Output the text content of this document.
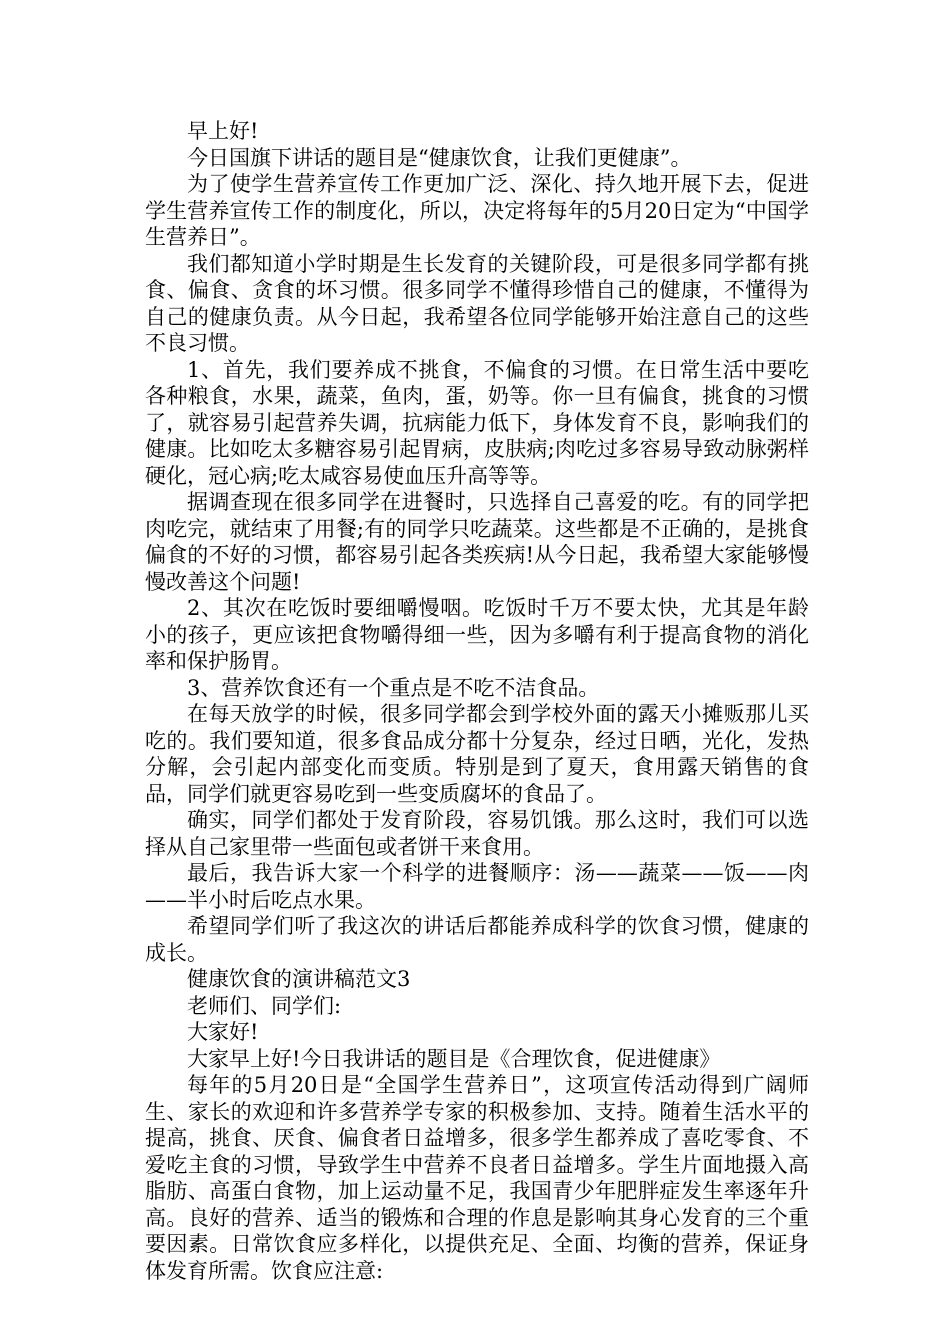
早上好!

今日国旗下讲话的题目是“健康饮食，让我们更健康”。

为了使学生营养宣传工作更加广泛、深化、持久地开展下去，促进学生营养宣传工作的制度化，所以，决定将每年的5月20日定为“中国学生营养日”。

我们都知道小学时期是生长发育的关键阶段，可是很多同学都有挑食、偏食、贪食的坏习惯。很多同学不懂得珍惜自己的健康，不懂得为自己的健康负责。从今日起，我希望各位同学能够开始注意自己的这些不良习惯。

1、首先，我们要养成不挑食，不偏食的习惯。在日常生活中要吃各种粮食，水果，蔬菜，鱼肉，蛋，奶等。你一旦有偏食，挑食的习惯了，就容易引起营养失调，抗病能力低下，身体发育不良，影响我们的健康。比如吃太多糖容易引起胃病，皮肤病;肉吃过多容易导致动脉粥样硬化，冠心病;吃太咸容易使血压升高等等。

据调查现在很多同学在进餐时，只选择自己喜爱的吃。有的同学把肉吃完，就结束了用餐;有的同学只吃蔬菜。这些都是不正确的，是挑食偏食的不好的习惯，都容易引起各类疾病!从今日起，我希望大家能够慢慢改善这个问题!

2、其次在吃饭时要细嚼慢咽。吃饭时千万不要太快，尤其是年龄小的孩子，更应该把食物嚼得细一些，因为多嚼有利于提高食物的消化率和保护肠胃。

3、营养饮食还有一个重点是不吃不洁食品。

在每天放学的时候，很多同学都会到学校外面的露天小摊贩那儿买吃的。我们要知道，很多食品成分都十分复杂，经过日晒，光化，发热分解，会引起内部变化而变质。特别是到了夏天，食用露天销售的食品，同学们就更容易吃到一些变质腐坏的食品了。

确实，同学们都处于发育阶段，容易饥饿。那么这时，我们可以选择从自己家里带一些面包或者饼干来食用。

最后，我告诉大家一个科学的进餐顺序：汤——蔬菜——饭——肉——半小时后吃点水果。

希望同学们听了我这次的讲话后都能养成科学的饮食习惯，健康的成长。

健康饮食的演讲稿范文3

老师们、同学们:

大家好!

大家早上好!今日我讲话的题目是《合理饮食，促进健康》

每年的5月20日是“全国学生营养日”，这项宣传活动得到广阔师生、家长的欢迎和许多营养学专家的积极参加、支持。随着生活水平的提高，挑食、厌食、偏食者日益增多，很多学生都养成了喜吃零食、不爱吃主食的习惯，导致学生中营养不良者日益增多。学生片面地摄入高脂肪、高蛋白食物，加上运动量不足，我国青少年肥胖症发生率逐年升高。良好的营养、适当的锻炼和合理的作息是影响其身心发育的三个重要因素。日常饮食应多样化，以提供充足、全面、均衡的营养，保证身体发育所需。饮食应注意:
